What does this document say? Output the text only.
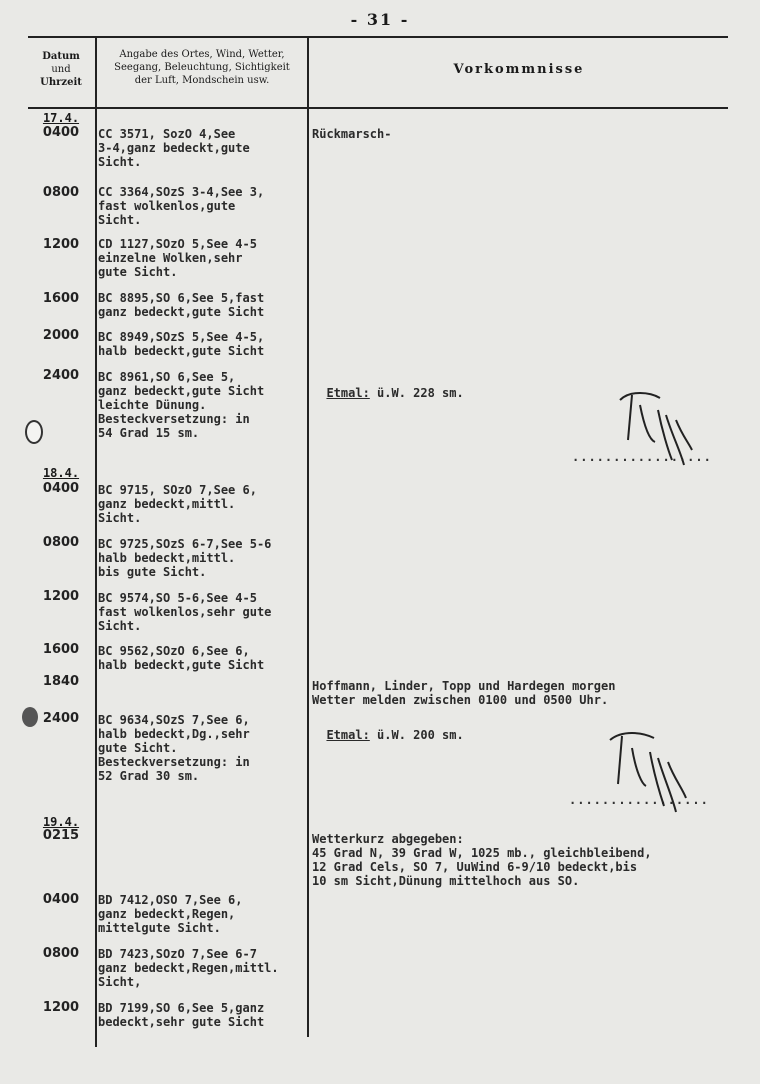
- 31 -
Datum
und
Uhrzeit
Angabe des Ortes, Wind, Wetter,
Seegang, Beleuchtung, Sichtigkeit
der Luft, Mondschein usw.
Vorkommnisse
17.4.
18.4.
19.4.
0400
0800
1200
1600
2000
2400
0400
0800
1200
1600
1840
2400
0215
0400
0800
1200
CC 3571, SozO 4,See
3-4,ganz bedeckt,gute
Sicht.
CC 3364,SOzS 3-4,See 3,
fast wolkenlos,gute
Sicht.
CD 1127,SOzO 5,See 4-5
einzelne Wolken,sehr
gute Sicht.
BC 8895,SO 6,See 5,fast
ganz bedeckt,gute Sicht
BC 8949,SOzS 5,See 4-5,
halb bedeckt,gute Sicht
BC 8961,SO 6,See 5,
ganz bedeckt,gute Sicht
leichte Dünung.
Besteckversetzung: in
54 Grad 15 sm.
BC 9715, SOzO 7,See 6,
ganz bedeckt,mittl.
Sicht.
BC 9725,SOzS 6-7,See 5-6
halb bedeckt,mittl.
bis gute Sicht.
BC 9574,SO 5-6,See 4-5
fast wolkenlos,sehr gute
Sicht.
BC 9562,SOzO 6,See 6,
halb bedeckt,gute Sicht
BC 9634,SOzS 7,See 6,
halb bedeckt,Dg.,sehr
gute Sicht.
Besteckversetzung: in
52 Grad 30 sm.
BD 7412,OSO 7,See 6,
ganz bedeckt,Regen,
mittelgute Sicht.
BD 7423,SOzO 7,See 6-7
ganz bedeckt,Regen,mittl.
Sicht,
BD 7199,SO 6,See 5,ganz
bedeckt,sehr gute Sicht
Rückmarsch-

Etmal: ü.W. 228 sm.

Hoffmann, Linder, Topp und Hardegen morgen
Wetter melden zwischen 0100 und 0500 Uhr.

Etmal: ü.W. 200 sm.

Wetterkurz abgegeben:
45 Grad N, 39 Grad W, 1025 mb., gleichbleibend,
12 Grad Cels, SO 7, UuWind 6-9/10 bedeckt,bis
10 sm Sicht,Dünung mittelhoch aus SO.
.................
.................
